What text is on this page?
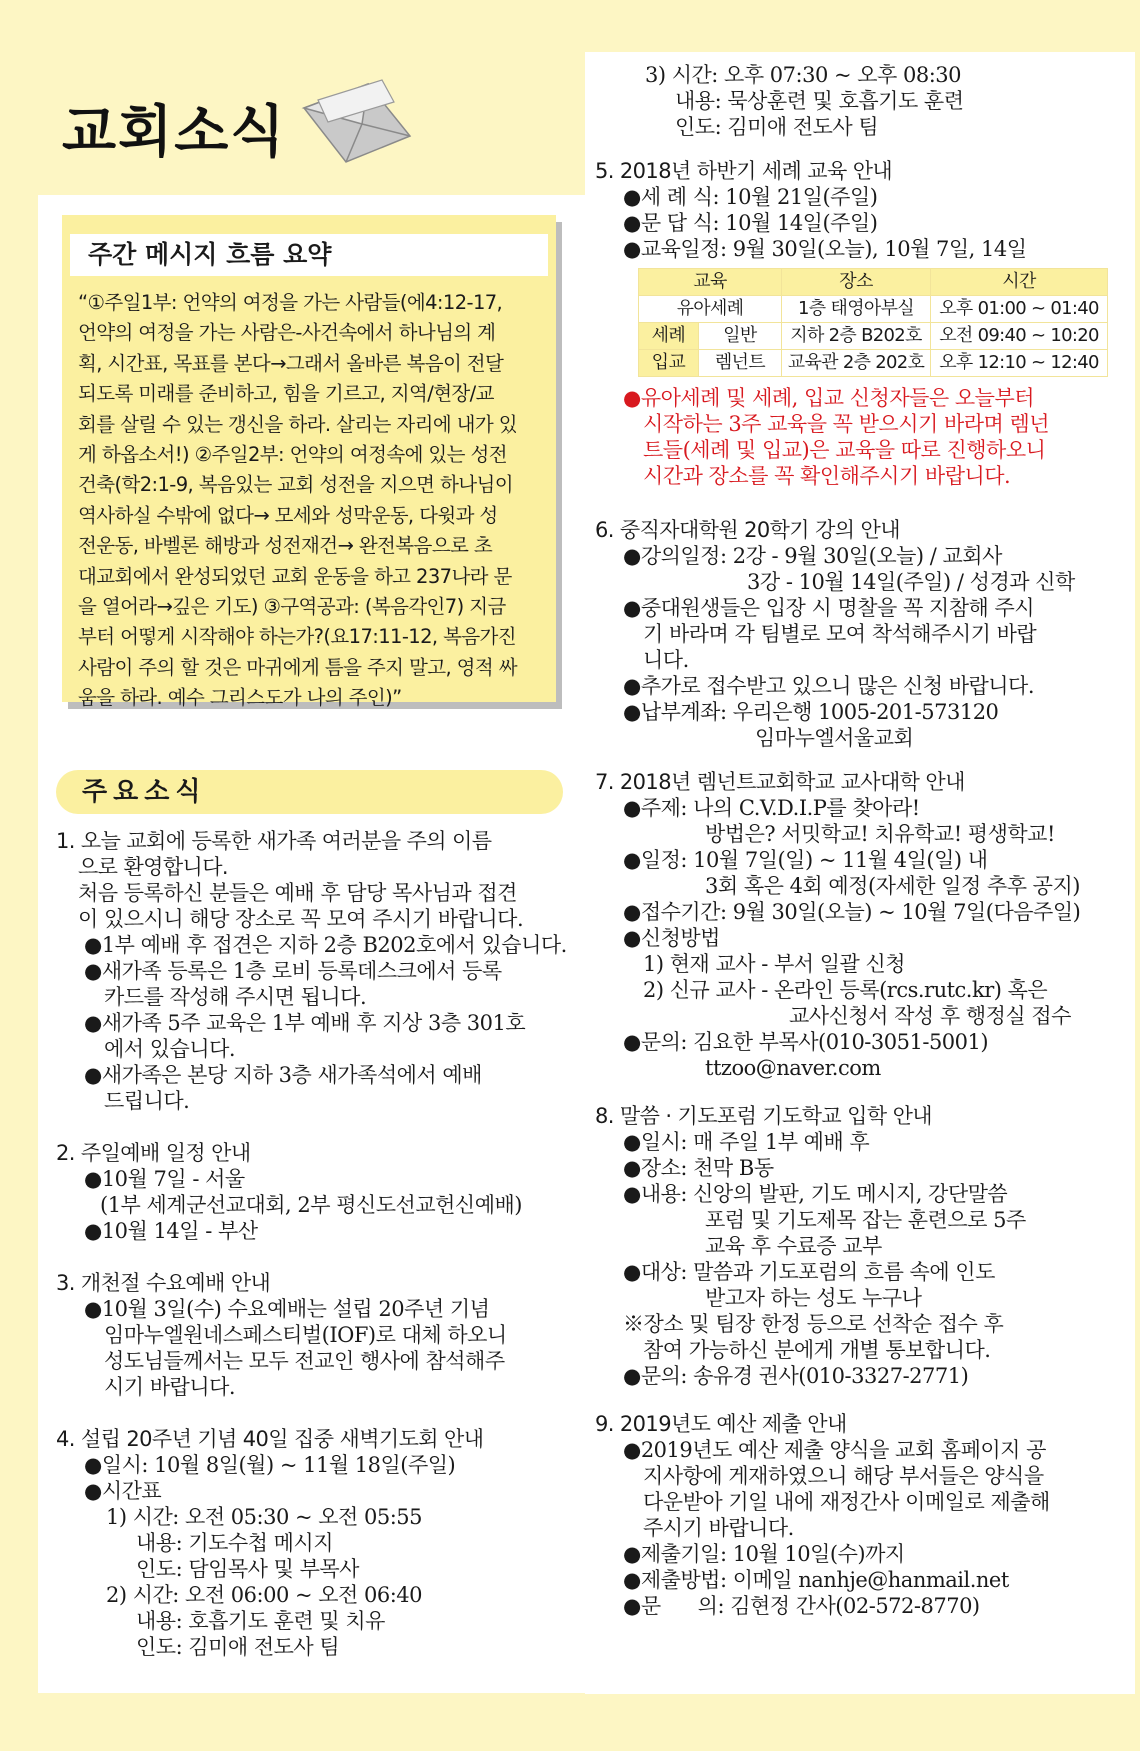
교회소식
주간 메시지 흐름 요약
“①주일1부: 언약의 여정을 가는 사람들(에4:12-17,
언약의 여정을 가는 사람은-사건속에서 하나님의 계
획, 시간표, 목표를 본다→그래서 올바른 복음이 전달
되도록 미래를 준비하고, 힘을 기르고, 지역/현장/교
회를 살릴 수 있는 갱신을 하라. 살리는 자리에 내가 있
게 하옵소서!) ②주일2부: 언약의 여정속에 있는 성전
건축(학2:1-9, 복음있는 교회 성전을 지으면 하나님이
역사하실 수밖에 없다→ 모세와 성막운동, 다윗과 성
전운동, 바벨론 해방과 성전재건→ 완전복음으로 초
대교회에서 완성되었던 교회 운동을 하고 237나라 문
을 열어라→깊은 기도) ③구역공과: (복음각인7) 지금
부터 어떻게 시작해야 하는가?(요17:11-12, 복음가진
사람이 주의 할 것은 마귀에게 틈을 주지 말고, 영적 싸
움을 하라. 예수 그리스도가 나의 주인)”
주요소식
1. 오늘 교회에 등록한 새가족 여러분을 주의 이름
으로 환영합니다.
처음 등록하신 분들은 예배 후 담당 목사님과 접견
이 있으시니 해당 장소로 꼭 모여 주시기 바랍니다.
●1부 예배 후 접견은 지하 2층 B202호에서 있습니다.
●새가족 등록은 1층 로비 등록데스크에서 등록
카드를 작성해 주시면 됩니다.
●새가족 5주 교육은 1부 예배 후 지상 3층 301호
에서 있습니다.
●새가족은 본당 지하 3층 새가족석에서 예배
드립니다.
2. 주일예배 일정 안내
●10월 7일 - 서울
(1부 세계군선교대회, 2부 평신도선교헌신예배)
●10월 14일 - 부산
3. 개천절 수요예배 안내
●10월 3일(수) 수요예배는 설립 20주년 기념
임마누엘원네스페스티벌(IOF)로 대체 하오니
성도님들께서는 모두 전교인 행사에 참석해주
시기 바랍니다.
4. 설립 20주년 기념 40일 집중 새벽기도회 안내
●일시: 10월 8일(월) ~ 11월 18일(주일)
●시간표
1) 시간: 오전 05:30 ~ 오전 05:55
내용: 기도수첩 메시지
인도: 담임목사 및 부목사
2) 시간: 오전 06:00 ~ 오전 06:40
내용: 호흡기도 훈련 및 치유
인도: 김미애 전도사 팀
3) 시간: 오후 07:30 ~ 오후 08:30
내용: 묵상훈련 및 호흡기도 훈련
인도: 김미애 전도사 팀
5. 2018년 하반기 세례 교육 안내
●세 례 식: 10월 21일(주일)
●문 답 식: 10월 14일(주일)
●교육일정: 9월 30일(오늘), 10월 7일, 14일
교육		장소	시간
유아세례		1층 태영아부실	오후 01:00 ~ 01:40
세례	일반	지하 2층 B202호	오전 09:40 ~ 10:20
입교	렘넌트	교육관 2층 202호	오후 12:10 ~ 12:40
●유아세례 및 세례, 입교 신청자들은 오늘부터
시작하는 3주 교육을 꼭 받으시기 바라며 렘넌
트들(세례 및 입교)은 교육을 따로 진행하오니
시간과 장소를 꼭 확인해주시기 바랍니다.
6. 중직자대학원 20학기 강의 안내
●강의일정: 2강 - 9월 30일(오늘) / 교회사
3강 - 10월 14일(주일) / 성경과 신학
●중대원생들은 입장 시 명찰을 꼭 지참해 주시
기 바라며 각 팀별로 모여 착석해주시기 바랍
니다.
●추가로 접수받고 있으니 많은 신청 바랍니다.
●납부계좌: 우리은행 1005-201-573120
임마누엘서울교회
7. 2018년 렘넌트교회학교 교사대학 안내
●주제: 나의 C.V.D.I.P를 찾아라!
방법은? 서밋학교! 치유학교! 평생학교!
●일정: 10월 7일(일) ~ 11월 4일(일) 내
3회 혹은 4회 예정(자세한 일정 추후 공지)
●접수기간: 9월 30일(오늘) ~ 10월 7일(다음주일)
●신청방법
1) 현재 교사 - 부서 일괄 신청
2) 신규 교사 - 온라인 등록(rcs.rutc.kr) 혹은
교사신청서 작성 후 행정실 접수
●문의: 김요한 부목사(010-3051-5001)
ttzoo@naver.com
8. 말씀 · 기도포럼 기도학교 입학 안내
●일시: 매 주일 1부 예배 후
●장소: 천막 B동
●내용: 신앙의 발판, 기도 메시지, 강단말씀
포럼 및 기도제목 잡는 훈련으로 5주
교육 후 수료증 교부
●대상: 말씀과 기도포럼의 흐름 속에 인도
받고자 하는 성도 누구나
※장소 및 팀장 한정 등으로 선착순 접수 후
참여 가능하신 분에게 개별 통보합니다.
●문의: 송유경 권사(010-3327-2771)
9. 2019년도 예산 제출 안내
●2019년도 예산 제출 양식을 교회 홈페이지 공
지사항에 게재하였으니 해당 부서들은 양식을
다운받아 기일 내에 재정간사 이메일로 제출해
주시기 바랍니다.
●제출기일: 10월 10일(수)까지
●제출방법: 이메일 nanhje@hanmail.net
●문      의: 김현정 간사(02-572-8770)
